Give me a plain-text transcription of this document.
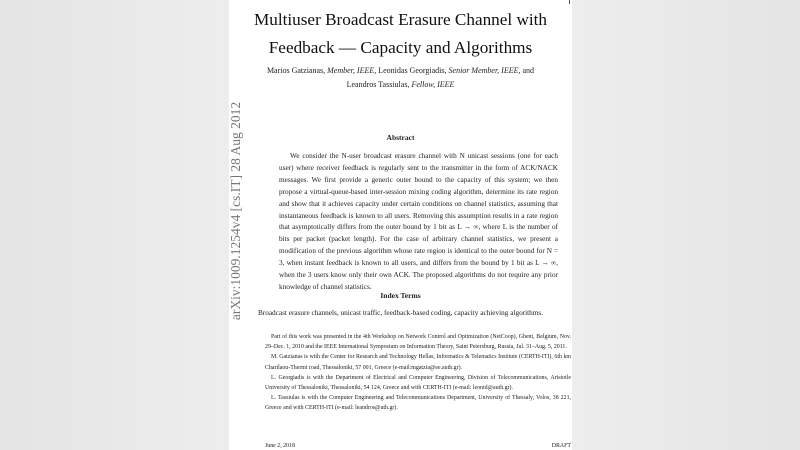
Multiuser Broadcast Erasure Channel with
Feedback — Capacity and Algorithms
Marios Gatzianas, Member, IEEE, Leonidas Georgiadis, Senior Member, IEEE, and
Leandros Tassiulas, Fellow, IEEE
arXiv:1009.1254v4 [cs.IT] 28 Aug 2012	Abstract
We consider the N-user broadcast erasure channel with N unicast sessions (one for each user) where receiver feedback is regularly sent to the transmitter in the form of ACK/NACK messages. We first provide a generic outer bound to the capacity of this system; we then propose a virtual-queue-based inter-session mixing coding algorithm, determine its rate region and show that it achieves capacity under certain conditions on channel statistics, assuming that instantaneous feedback is known to all users. Removing this assumption results in a rate region that asymptotically differs from the outer bound by 1 bit as L → ∞, where L is the number of bits per packet (packet length). For the case of arbitrary channel statistics, we present a modification of the previous algorithm whose rate region is identical to the outer bound for N = 3, when instant feedback is known to all users, and differs from the bound by 1 bit as L → ∞, when the 3 users know only their own ACK. The proposed algorithms do not require any prior knowledge of channel statistics.
Index Terms
Broadcast erasure channels, unicast traffic, feedback-based coding, capacity achieving algorithms.

Part of this work was presented in the 4th Workshop on Network Control and Optimization (NetCoop), Ghent, Belgium, Nov. 29–Dec. 1, 2010 and the IEEE International Symposium on Information Theory, Saint Petersburg, Russia, Jul. 31–Aug. 5, 2011.

M. Gatzianas is with the Center for Research and Technology Hellas, Informatics & Telematics Institute (CERTH-ITI), 6th km Charilaou-Thermi road, Thessaloniki, 57 001, Greece (e-mail:mgatzia@ee.auth.gr).

L. Georgiadis is with the Department of Electrical and Computer Engineering, Division of Telecommunications, Aristotle University of Thessaloniki, Thessaloniki, 54 124, Greece and with CERTH-ITI (e-mail: leonid@auth.gr).

L. Tassiulas is with the Computer Engineering and Telecommunications Department, University of Thessaly, Volos, 38 221, Greece and with CERTH-ITI (e-mail: leandros@uth.gr).

June 2, 2018	DRAFT
